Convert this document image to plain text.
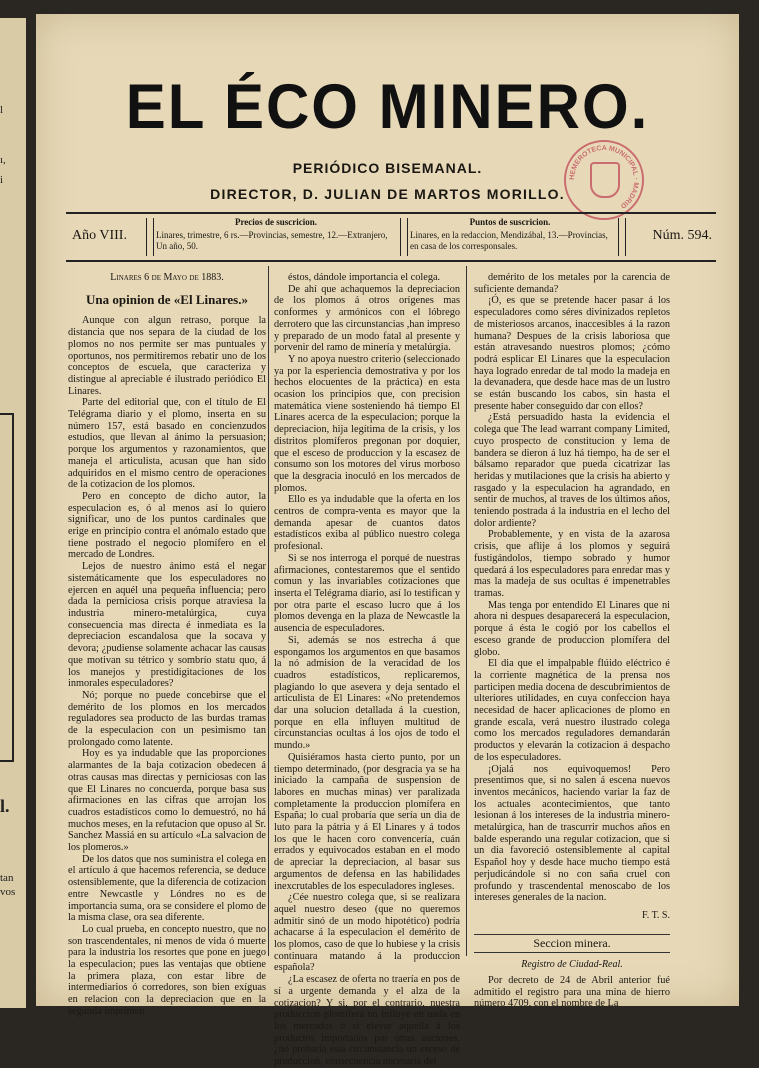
l
ı,
i
l.
tan
vos
EL ÉCO MINERO.
PERIÓDICO BISEMANAL.
DIRECTOR, D. JULIAN DE MARTOS MORILLO.
HEMEROTECA MUNICIPAL · MADRID
Año VIII.
Precios de suscricion.
Linares, trimestre, 6 rs.—Provincias, semestre, 12.—Extranjero, Un año, 50.
Puntos de suscricion.
Linares, en la redaccion, Mendizábal, 13.—Provincias, en casa de los corresponsales.
Núm. 594.
Linares 6 de Mayo de 1883.
Una opinion de «El Linares.»

Aunque con algun retraso, porque la distancia que nos separa de la ciudad de los plomos no nos permite ser mas puntuales y oportunos, nos permitiremos rebatir uno de los conceptos de escuela, que caracteriza y distingue al apreciable é ilustrado periódico El Linares.

Parte del editorial que, con el título de El Telégrama diario y el plomo, inserta en su número 157, está basado en concienzudos estudios, que llevan al ánimo la persuasion; porque los argumentos y razonamientos, que maneja el articulista, acusan que han sido adquiridos en el mismo centro de operaciones de la cotizacion de los plomos.

Pero en concepto de dicho autor, la especulacion es, ó al menos así lo quiero significar, uno de los puntos cardinales que erige en principio contra el anómalo estado que tiene postrado el negocio plomífero en el mercado de Londres.

Lejos de nuestro ánimo está el negar sistemáticamente que los especuladores no ejercen en aquél una pequeña influencia; pero dada la perniciosa crisis porque atraviesa la industria minero-metalúrgica, cuya consecuencia mas directa é inmediata es la depreciacion escandalosa que la socava y devora; ¿pudiense solamente achacar las causas que motivan su tétrico y sombrío statu quo, á los manejos y prestidigitaciones de los inmorales especuladores?

Nó; porque no puede concebirse que el demérito de los plomos en los mercados reguladores sea producto de las burdas tramas de la especulacion con un pesimismo tan prolongado como latente.

Hoy es ya indudable que las proporciones alarmantes de la baja cotizacion obedecen á otras causas mas directas y perniciosas con las que El Linares no concuerda, porque basa sus afirmaciones en las cifras que arrojan los cuadros estadísticos como lo demuestró, no há muchos meses, en la refutacion que opuso al Sr. Sanchez Massiá en su artículo «La salvacion de los plomeros.»

De los datos que nos suministra el colega en el artículo á que hacemos referencia, se deduce ostensiblemente, que la diferencia de cotizacion entre Newcastle y Lóndres no es de importancia suma, ora se considere el plomo de la misma clase, ora sea diferente.

Lo cual prueba, en concepto nuestro, que no son trascendentales, ni menos de vida ó muerte para la industria los resortes que pone en juego la especulacion; pues las ventajas que obtiene la primera plaza, con estar libre de intermediarios ó corredores, son bien exíguas en relacion con la depreciacion que en la segunda imprimen

éstos, dándole importancia el colega.

De ahí que achaquemos la depreciacion de los plomos á otros orígenes mas conformes y armónicos con el lóbrego derrotero que las circunstancias ,han impreso y preparado de un modo fatal al presente y porvenir del ramo de minería y metalúrgia.

Y no apoya nuestro criterio (seleccionado ya por la esperiencia demostrativa y por los hechos elocuentes de la práctica) en esta ocasion los principios que, con precision matemática viene sosteniendo há tiempo El Linares acerca de la especulacion; porque la depreciacion, hija legítima de la crisis, y los distritos plomíferos pregonan por doquier, que el esceso de produccion y la escasez de consumo son los motores del virus morboso que la desgracia inoculó en los mercados de plomos.

Ello es ya indudable que la oferta en los centros de compra-venta es mayor que la demanda apesar de cuantos datos estadísticos exiba al público nuestro colega profesional.

Si se nos interroga el porqué de nuestras afirmaciones, contestaremos que el sentido comun y las invariables cotizaciones que inserta el Telégrama diario, así lo testifican y por otra parte el escaso lucro que á los plomos devenga en la plaza de Newcastle la ausencia de especuladores.

Si, además se nos estrecha á que espongamos los argumentos en que basamos la nó admision de la veracidad de los cuadros estadísticos, replicaremos, plagiando lo que asevera y deja sentado el articulista de El Linares: «No pretendemos dar una solucion detallada á la cuestion, porque en ella influyen multitud de circunstancias ocultas á los ojos de todo el mundo.»

Quisiéramos hasta cierto punto, por un tiempo determinado, (por desgracia ya se ha iniciado la campaña de suspension de labores en muchas minas) ver paralizada completamente la produccion plomífera en España; lo cual probaría que sería un dia de luto para la pátria y á El Linares y á todos los que le hacen coro convencería, cuán errados y equivocados estaban en el modo de apreciar la depreciacion, al basar sus argumentos de defensa en las habilidades inexcrutables de los especuladores ingleses.

¿Cée nuestro colega que, si se realizara aquel nuestro deseo (que no queremos admitir sinó de un modo hipotético) podría achacarse á la especulacion el demérito de los plomos, caso de que lo hubiese y la crisis continuara matando á la produccion española?

¿La escasez de oferta no traería en pos de sí a urgente demanda y el alza de la cotizacion? Y si, por el contrario, nuestra produccion plomífera no influye en nada en los mercados ó si elevar aquella á los productos importados por otras naciones, ¿nó probaría esta circunstancia un esceso de produccion, consecuencia necesaria del

demérito de los metales por la carencia de suficiente demanda?

¡Ó, es que se pretende hacer pasar á los especuladores como séres divinizados repletos de misteriosos arcanos, inaccesibles á la razon humana? Despues de la crisis laboriosa que están atravesando nuestros plomos; ¿cómo podrá esplicar El Linares que la especulacion haya logrado enredar de tal modo la madeja en la devanadera, que desde hace mas de un lustro se están buscando los cabos, sin hasta el presente haber conseguido dar con ellos?

¿Está persuadido hasta la evidencia el colega que The lead warrant company Limited, cuyo prospecto de constitucion y lema de bandera se dieron á luz há tiempo, ha de ser el bálsamo reparador que pueda cicatrizar las heridas y mutilaciones que la crisis ha abierto y rasgado y la especulacion ha agrandado, en sentir de muchos, al traves de los últimos años, teniendo postrada á la industria en el lecho del dolor ardiente?

Probablemente, y en vista de la azarosa crisis, que aflije á los plomos y seguirá fustigándolos, tiempo sobrado y humor quedará á los especuladores para enredar mas y mas la madeja de sus ocultas é impenetrables tramas.

Mas tenga por entendido El Linares que ni ahora ni despues desaparecerá la especulacion, porque á ésta le cogió por los cabellos el esceso grande de produccion plomífera del globo.

El dia que el impalpable flúido eléctrico é la corriente magnética de la prensa nos participen media docena de descubrimientos de ulteriores utilidades, en cuya confeccion haya necesidad de hacer aplicaciones de plomo en grande escala, verá nuestro ilustrado colega como los mercados reguladores demandarán productos y elevarán la cotizacion á despacho de los especuladores.

¡Ojalá nos equivoquemos! Pero presentimos que, si no salen á escena nuevos inventos mecánicos, haciendo variar la faz de los actuales acontecimientos, que tanto lesionan á los intereses de la industria minero-metalúrgica, han de trascurrir muchos años en balde esperando una regular cotizacion, que si un dia favoreció ostensiblemente al capital Español hoy y desde hace mucho tiempo está perjudicándole si no con saña cruel con profundo y trascendental menoscabo de los intereses generales de la nacion.

F. T. S.
Seccion minera.
Registro de Ciudad-Real.

Por decreto de 24 de Abril anterior fué admitido el registro para una mina de hierro número 4709, con el nombre de La
